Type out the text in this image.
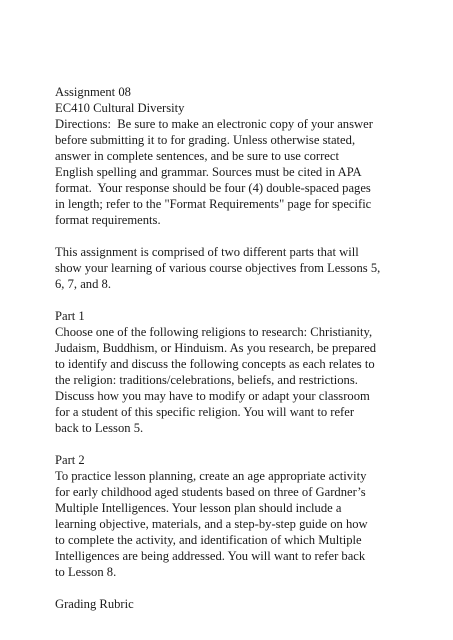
Assignment 08
EC410 Cultural Diversity
Directions:  Be sure to make an electronic copy of your answer
before submitting it to for grading. Unless otherwise stated,
answer in complete sentences, and be sure to use correct
English spelling and grammar. Sources must be cited in APA
format.  Your response should be four (4) double-spaced pages
in length; refer to the "Format Requirements" page for specific
format requirements.
This assignment is comprised of two different parts that will
show your learning of various course objectives from Lessons 5,
6, 7, and 8.
Part 1
Choose one of the following religions to research: Christianity,
Judaism, Buddhism, or Hinduism. As you research, be prepared
to identify and discuss the following concepts as each relates to
the religion: traditions/celebrations, beliefs, and restrictions.
Discuss how you may have to modify or adapt your classroom
for a student of this specific religion. You will want to refer
back to Lesson 5.
Part 2
To practice lesson planning, create an age appropriate activity
for early childhood aged students based on three of Gardner’s
Multiple Intelligences. Your lesson plan should include a
learning objective, materials, and a step-by-step guide on how
to complete the activity, and identification of which Multiple
Intelligences are being addressed. You will want to refer back
to Lesson 8.
Grading Rubric
